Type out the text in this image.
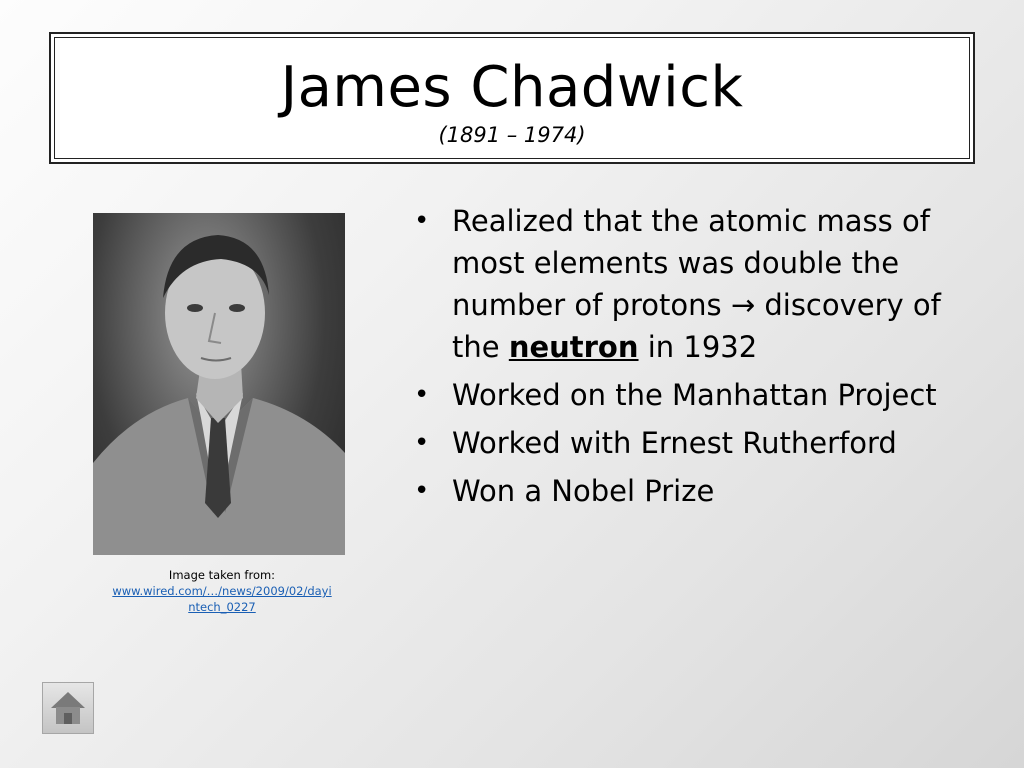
James Chadwick
(1891 – 1974)
Image taken from:
www.wired.com/…/news/2009/02/dayintech_0227
• Realized that the atomic mass of most elements was double the number of protons → discovery of the neutron in 1932
• Worked on the Manhattan Project
• Worked with Ernest Rutherford
• Won a Nobel Prize
